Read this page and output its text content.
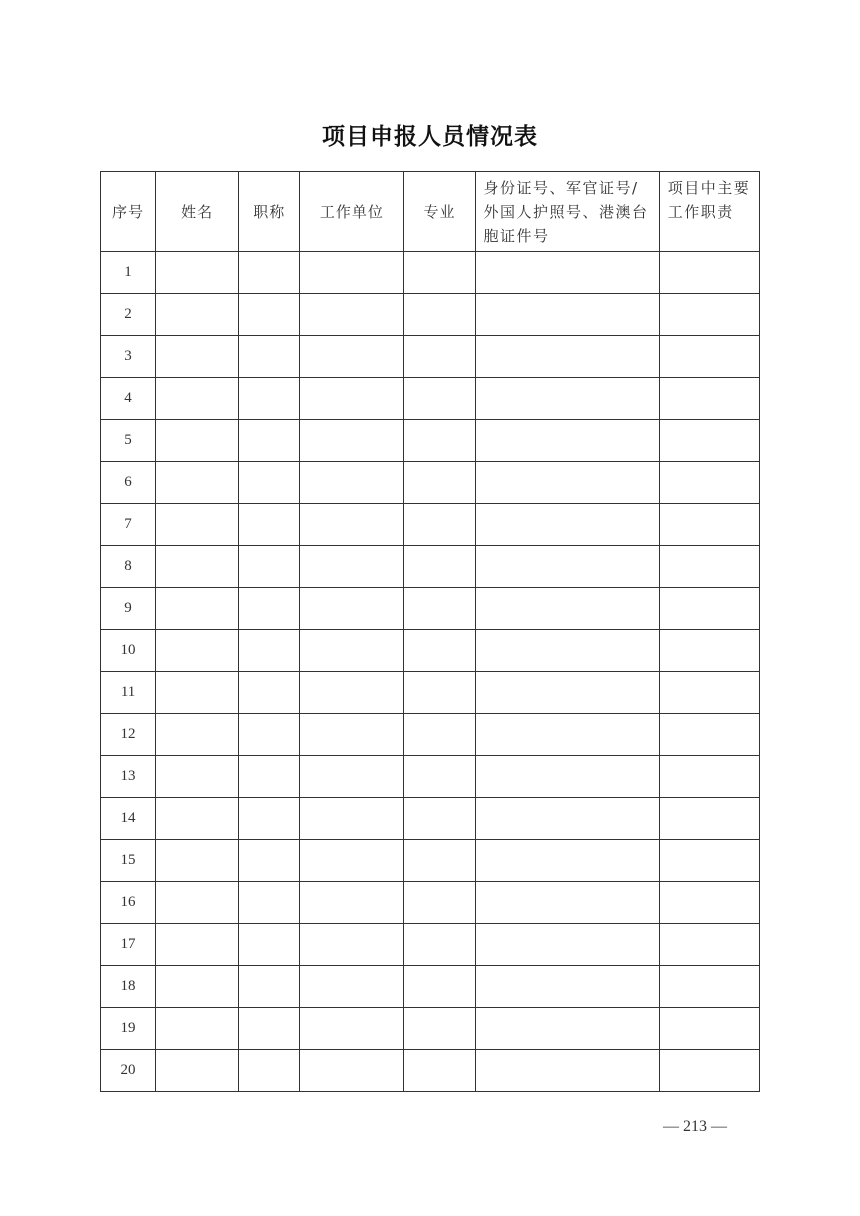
项目申报人员情况表
序号	姓名	职称	工作单位	专业	身份证号、军官证号/外国人护照号、港澳台胞证件号	项目中主要工作职责
1						
2						
3						
4						
5						
6						
7						
8						
9						
10						
11						
12						
13						
14						
15						
16						
17						
18						
19						
20						
— 213 —
